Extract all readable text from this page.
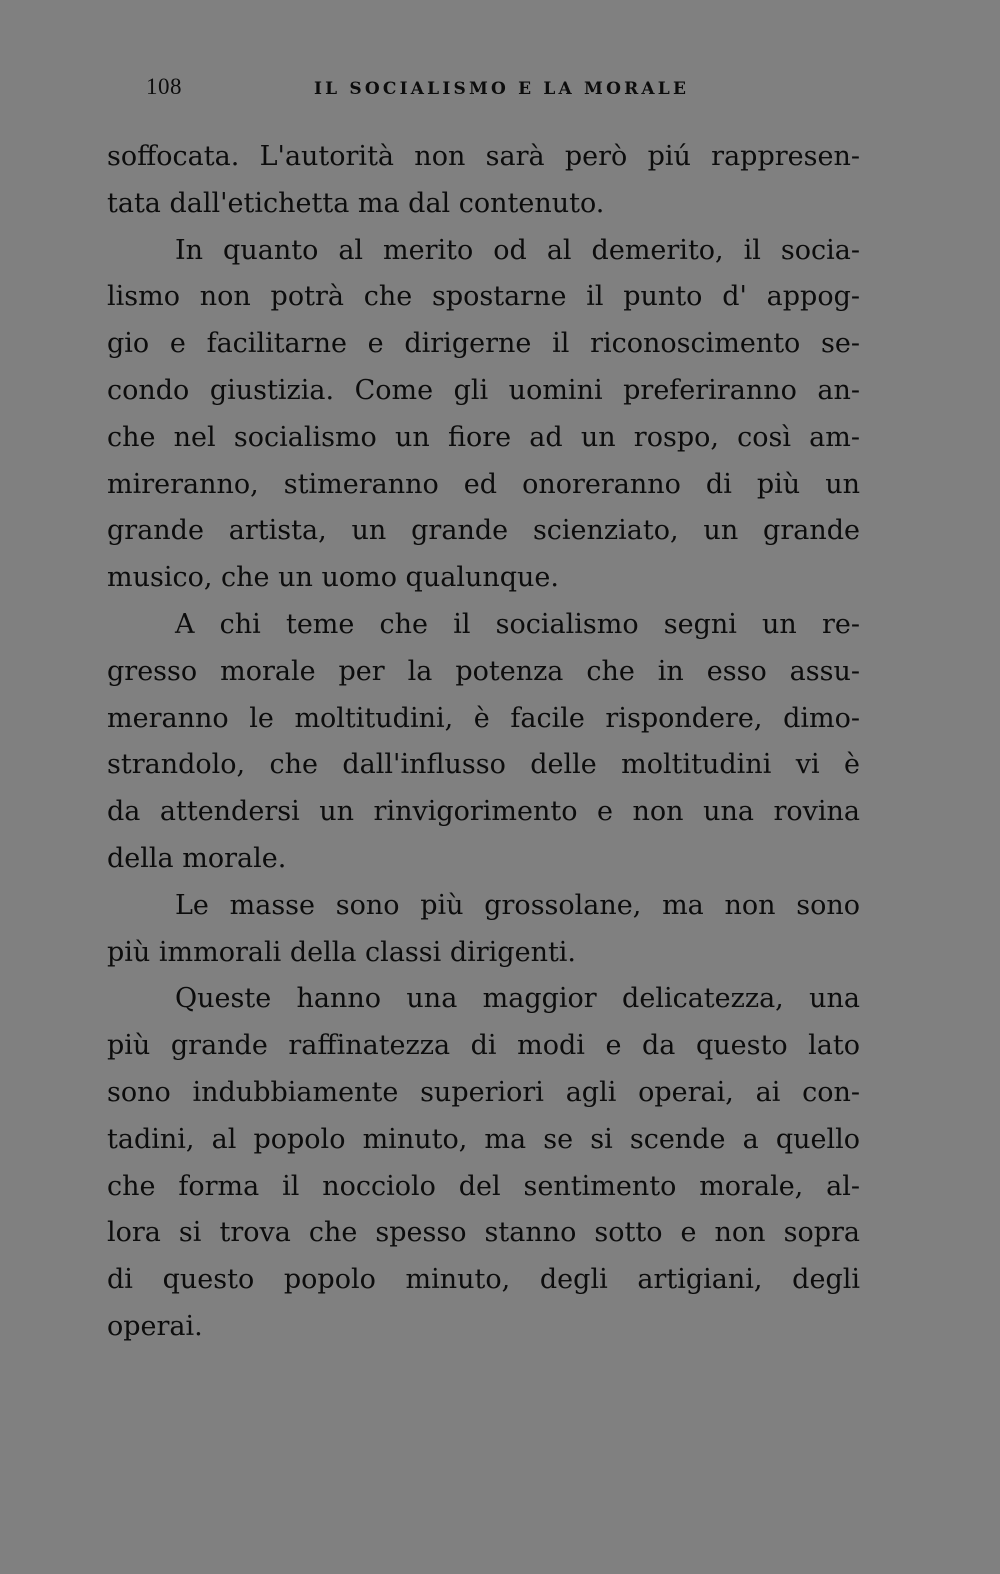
108	IL SOCIALISMO E LA MORALE
soffocata. L'autorità non sarà però piú rappresen-
tata dall'etichetta ma dal contenuto.
In quanto al merito od al demerito, il socia-
lismo non potrà che spostarne il punto d' appog-
gio e facilitarne e dirigerne il riconoscimento se-
condo giustizia. Come gli uomini preferiranno an-
che nel socialismo un fiore ad un rospo, così am-
mireranno, stimeranno ed onoreranno di più un
grande artista, un grande scienziato, un grande
musico, che un uomo qualunque.
A chi teme che il socialismo segni un re-
gresso morale per la potenza che in esso assu-
meranno le moltitudini, è facile rispondere, dimo-
strandolo, che dall'influsso delle moltitudini vi è
da attendersi un rinvigorimento e non una rovina
della morale.
Le masse sono più grossolane, ma non sono
più immorali della classi dirigenti.
Queste hanno una maggior delicatezza, una
più grande raffinatezza di modi e da questo lato
sono indubbiamente superiori agli operai, ai con-
tadini, al popolo minuto, ma se si scende a quello
che forma il nocciolo del sentimento morale, al-
lora si trova che spesso stanno sotto e non sopra
di questo popolo minuto, degli artigiani, degli
operai.
